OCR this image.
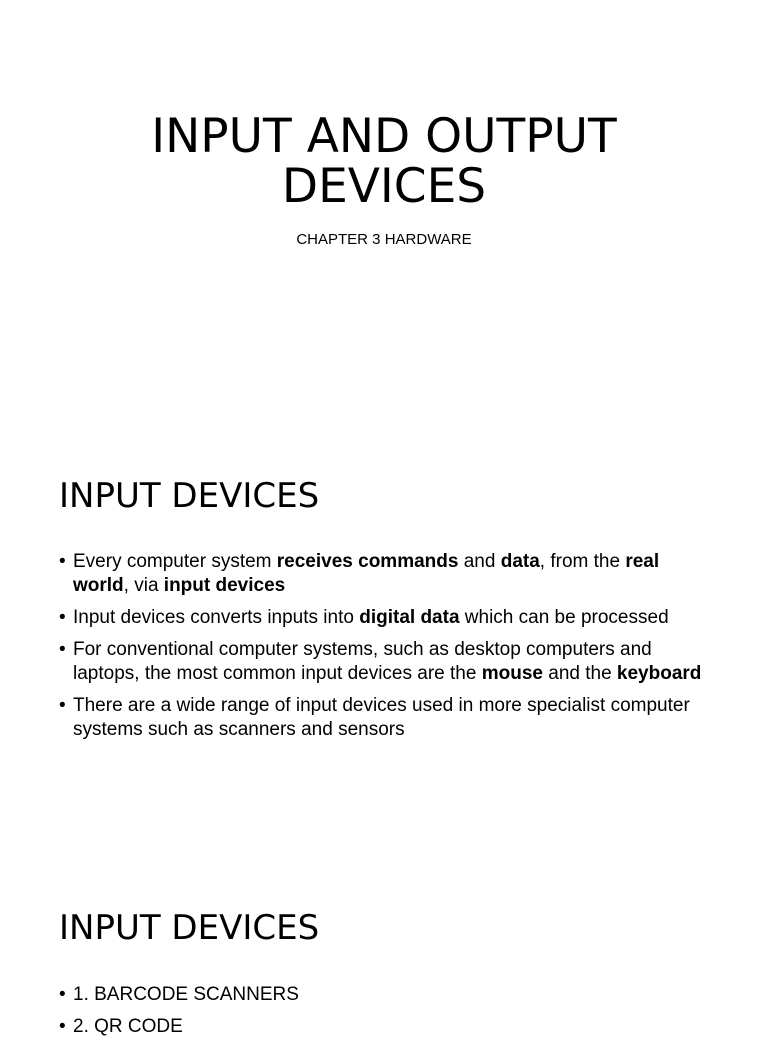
INPUT AND OUTPUT
DEVICES

CHAPTER 3 HARDWARE

INPUT DEVICES
• Every computer system receives commands and data, from the real world, via input devices
• Input devices converts inputs into digital data which can be processed
• For conventional computer systems, such as desktop computers and laptops, the most common input devices are the mouse and the keyboard
• There are a wide range of input devices used in more specialist computer systems such as scanners and sensors
INPUT DEVICES
• 1. BARCODE SCANNERS
• 2. QR CODE
